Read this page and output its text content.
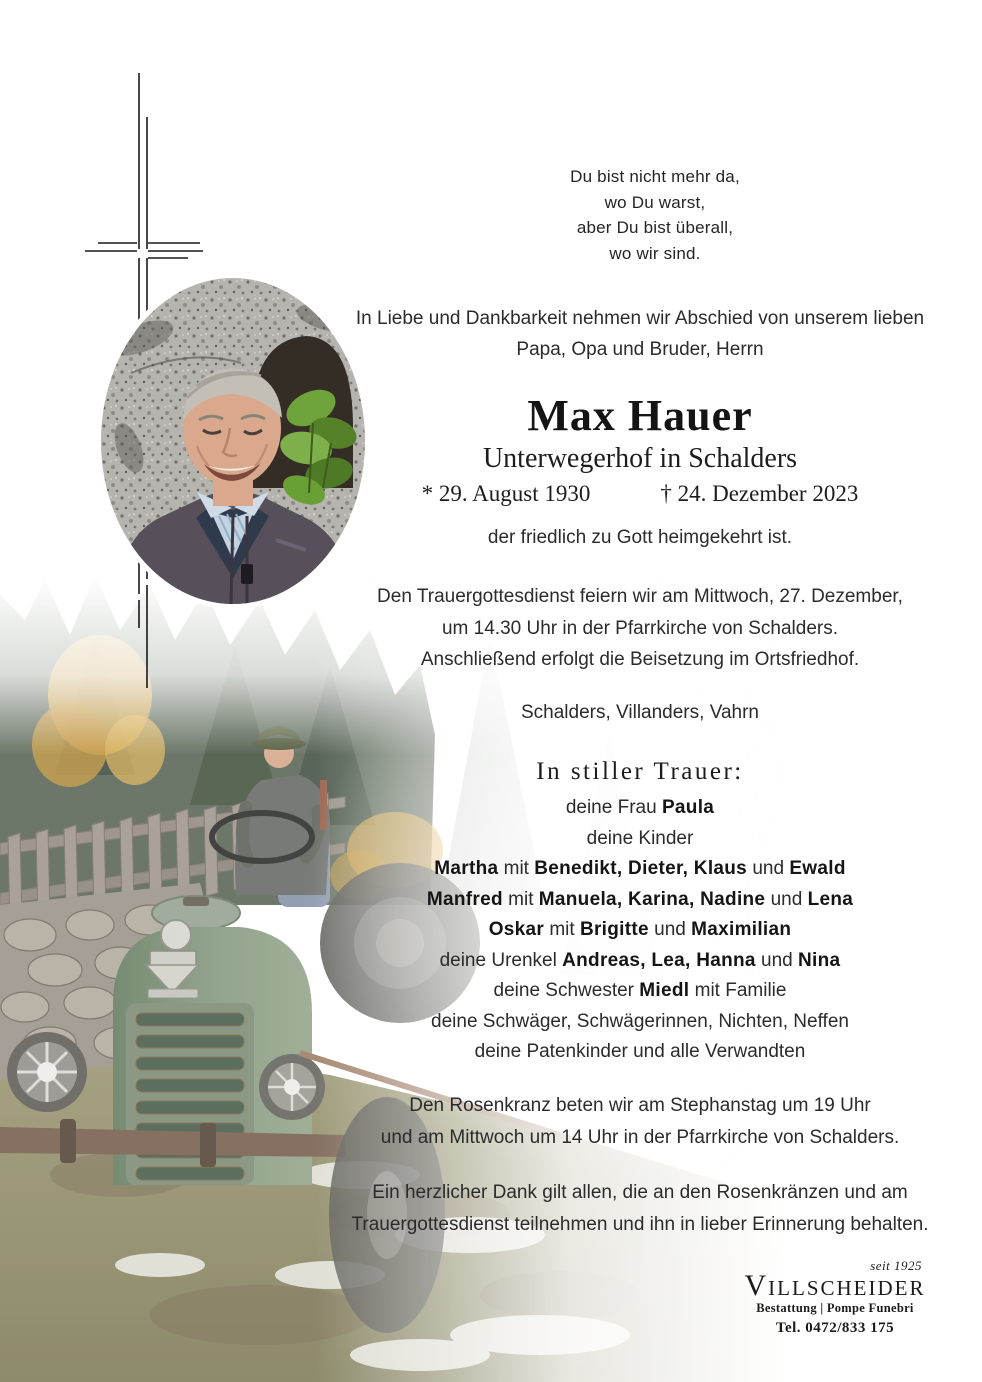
Du bist nicht mehr da,
wo Du warst,
aber Du bist überall,
wo wir sind.
In Liebe und Dankbarkeit nehmen wir Abschied von unserem lieben
Papa, Opa und Bruder, Herrn
Max Hauer
Unterwegerhof in Schalders
* 29. August 1930	† 24. Dezember 2023
der friedlich zu Gott heimgekehrt ist.
Den Trauergottesdienst feiern wir am Mittwoch, 27. Dezember,
um 14.30 Uhr in der Pfarrkirche von Schalders.
Anschließend erfolgt die Beisetzung im Ortsfriedhof.
Schalders, Villanders, Vahrn
In stiller Trauer:
deine Frau Paula
deine Kinder
Martha mit Benedikt, Dieter, Klaus und Ewald
Manfred mit Manuela, Karina, Nadine und Lena
Oskar mit Brigitte und Maximilian
deine Urenkel Andreas, Lea, Hanna und Nina
deine Schwester Miedl mit Familie
deine Schwäger, Schwägerinnen, Nichten, Neffen
deine Patenkinder und alle Verwandten
Den Rosenkranz beten wir am Stephanstag um 19 Uhr
und am Mittwoch um 14 Uhr in der Pfarrkirche von Schalders.
Ein herzlicher Dank gilt allen, die an den Rosenkränzen und am
Trauergottesdienst teilnehmen und ihn in lieber Erinnerung behalten.
seit 1925
VILLSCHEIDER
Bestattung | Pompe Funebri
Tel. 0472/833 175
